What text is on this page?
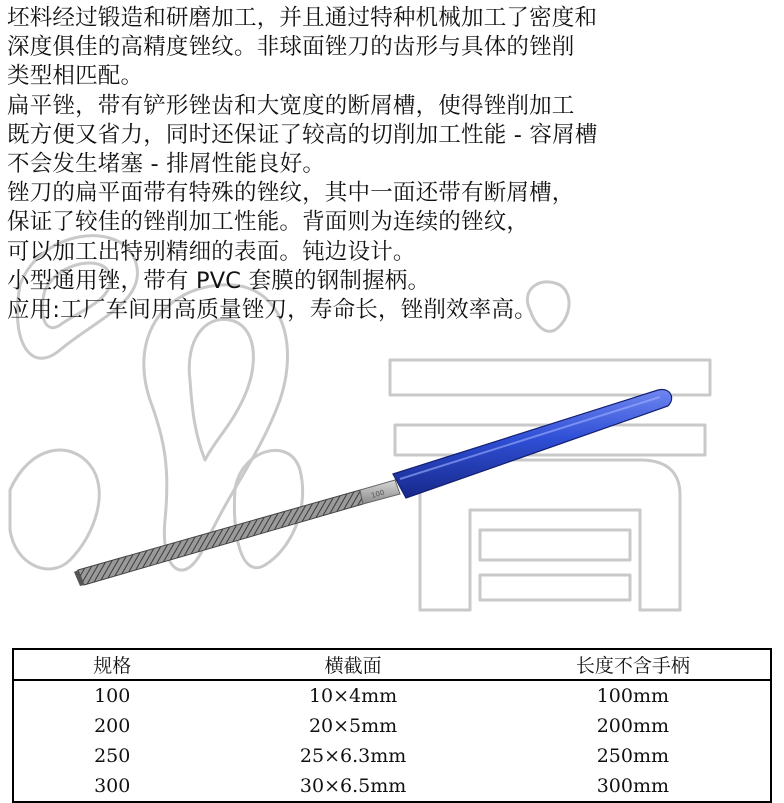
坯料经过锻造和研磨加工，并且通过特种机械加工了密度和

深度俱佳的高精度锉纹。非球面锉刀的齿形与具体的锉削

类型相匹配。

扁平锉，带有铲形锉齿和大宽度的断屑槽，使得锉削加工

既方便又省力，同时还保证了较高的切削加工性能 - 容屑槽

不会发生堵塞 - 排屑性能良好。

锉刀的扁平面带有特殊的锉纹，其中一面还带有断屑槽，

保证了较佳的锉削加工性能。背面则为连续的锉纹，

可以加工出特别精细的表面。钝边设计。

小型通用锉，带有 PVC 套膜的钢制握柄。

应用:工厂车间用高质量锉刀，寿命长，锉削效率高。

100
规格	横截面	长度不含手柄
100	10×4mm	100mm
200	20×5mm	200mm
250	25×6.3mm	250mm
300	30×6.5mm	300mm
